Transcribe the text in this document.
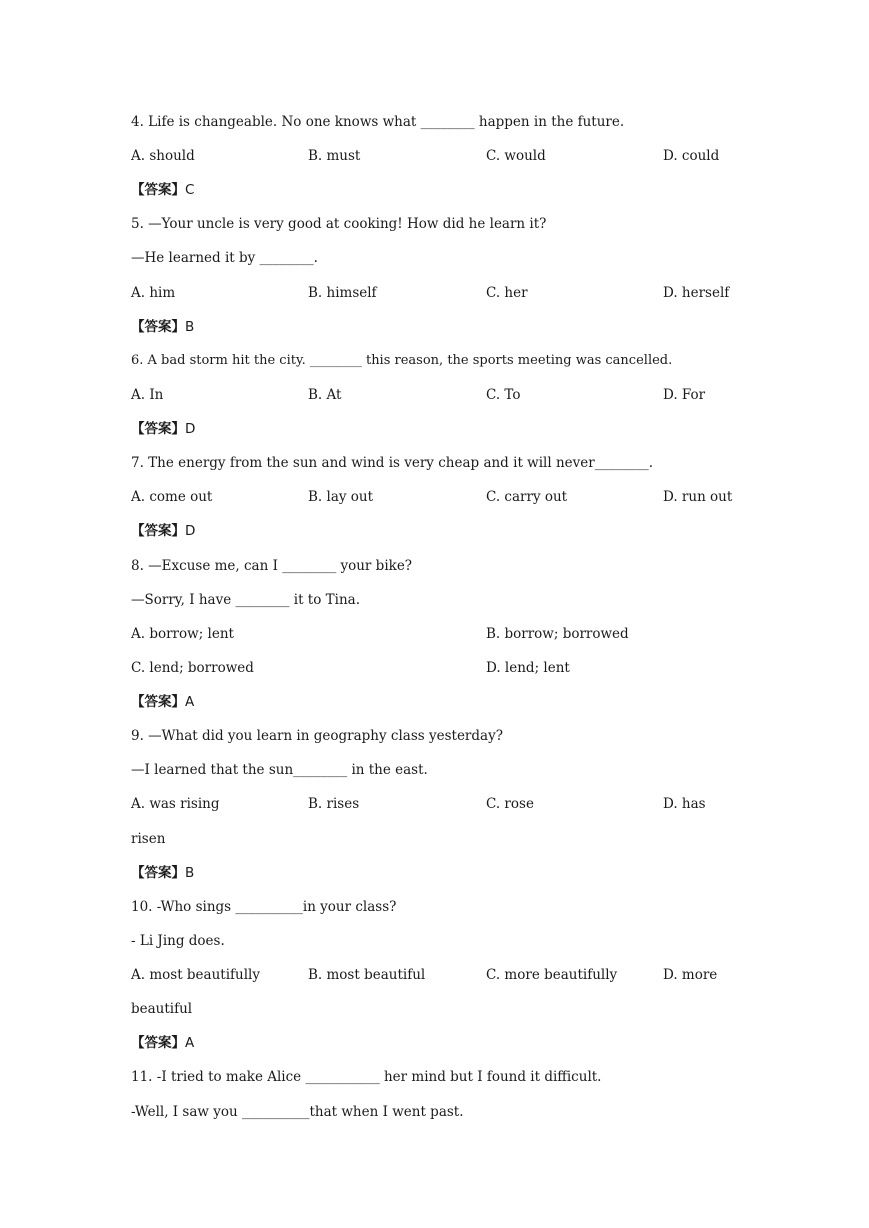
4. Life is changeable. No one knows what ________ happen in the future.
A. should	B. must	C. would	D. could
【答案】C
5. —Your uncle is very good at cooking! How did he learn it?
—He learned it by ________.
A. him	B. himself	C. her	D. herself
【答案】B
6. A bad storm hit the city. ________ this reason, the sports meeting was cancelled.
A. In	B. At	C. To	D. For
【答案】D
7. The energy from the sun and wind is very cheap and it will never________.
A. come out	B. lay out	C. carry out	D. run out
【答案】D
8. —Excuse me, can I ________ your bike?
—Sorry, I have ________ it to Tina.
A. borrow; lent	B. borrow; borrowed
C. lend; borrowed	D. lend; lent
【答案】A
9. —What did you learn in geography class yesterday?
—I learned that the sun________ in the east.
A. was rising	B. rises	C. rose	D. has
risen
【答案】B
10. -Who sings __________in your class?
- Li Jing does.
A. most beautifully	B. most beautiful	C. more beautifully	D. more
beautiful
【答案】A
11. -I tried to make Alice ___________ her mind but I found it difficult.
-Well, I saw you __________that when I went past.
